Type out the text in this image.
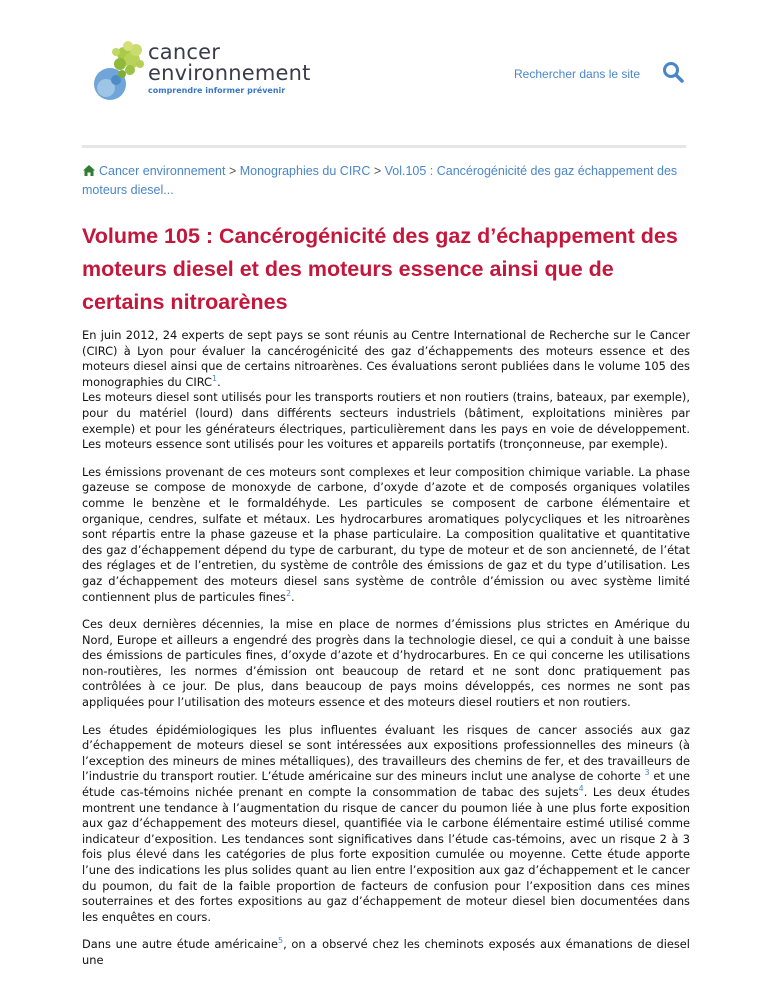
cancer
environnement
comprendre informer prévenir
Rechercher dans le site
Cancer environnement > Monographies du CIRC > Vol.105 : Cancérogénicité des gaz échappement des moteurs diesel...
Volume 105 : Cancérogénicité des gaz d’échappement des moteurs diesel et des moteurs essence ainsi que de certains nitroarènes

En juin 2012, 24 experts de sept pays se sont réunis au Centre International de Recherche sur le Cancer (CIRC) à Lyon pour évaluer la cancérogénicité des gaz d’échappements des moteurs essence et des moteurs diesel ainsi que de certains nitroarènes. Ces évaluations seront publiées dans le volume 105 des monographies du CIRC$^1$.
Les moteurs diesel sont utilisés pour les transports routiers et non routiers (trains, bateaux, par exemple), pour du matériel (lourd) dans différents secteurs industriels (bâtiment, exploitations minières par exemple) et pour les générateurs électriques, particulièrement dans les pays en voie de développement. Les moteurs essence sont utilisés pour les voitures et appareils portatifs (tronçonneuse, par exemple).

Les émissions provenant de ces moteurs sont complexes et leur composition chimique variable. La phase gazeuse se compose de monoxyde de carbone, d’oxyde d’azote et de composés organiques volatiles comme le benzène et le formaldéhyde. Les particules se composent de carbone élémentaire et organique, cendres, sulfate et métaux. Les hydrocarbures aromatiques polycycliques et les nitroarènes sont répartis entre la phase gazeuse et la phase particulaire. La composition qualitative et quantitative des gaz d’échappement dépend du type de carburant, du type de moteur et de son ancienneté, de l’état des réglages et de l’entretien, du système de contrôle des émissions de gaz et du type d’utilisation. Les gaz d’échappement des moteurs diesel sans système de contrôle d’émission ou avec système limité contiennent plus de particules fines$^2$.

Ces deux dernières décennies, la mise en place de normes d’émissions plus strictes en Amérique du Nord, Europe et ailleurs a engendré des progrès dans la technologie diesel, ce qui a conduit à une baisse des émissions de particules fines, d’oxyde d’azote et d’hydrocarbures. En ce qui concerne les utilisations non-routières, les normes d’émission ont beaucoup de retard et ne sont donc pratiquement pas contrôlées à ce jour. De plus, dans beaucoup de pays moins développés, ces normes ne sont pas appliquées pour l’utilisation des moteurs essence et des moteurs diesel routiers et non routiers.

Les études épidémiologiques les plus influentes évaluant les risques de cancer associés aux gaz d’échappement de moteurs diesel se sont intéressées aux expositions professionnelles des mineurs (à l’exception des mineurs de mines métalliques), des travailleurs des chemins de fer, et des travailleurs de l’industrie du transport routier. L’étude américaine sur des mineurs inclut une analyse de cohorte $^3$ et une étude cas-témoins nichée prenant en compte la consommation de tabac des sujets$^4$. Les deux études montrent une tendance à l’augmentation du risque de cancer du poumon liée à une plus forte exposition aux gaz d’échappement des moteurs diesel, quantifiée via le carbone élémentaire estimé utilisé comme indicateur d’exposition. Les tendances sont significatives dans l’étude cas-témoins, avec un risque 2 à 3 fois plus élevé dans les catégories de plus forte exposition cumulée ou moyenne. Cette étude apporte l’une des indications les plus solides quant au lien entre l’exposition aux gaz d’échappement et le cancer du poumon, du fait de la faible proportion de facteurs de confusion pour l’exposition dans ces mines souterraines et des fortes expositions au gaz d’échappement de moteur diesel bien documentées dans les enquêtes en cours.

Dans une autre étude américaine$^5$, on a observé chez les cheminots exposés aux émanations de diesel une
